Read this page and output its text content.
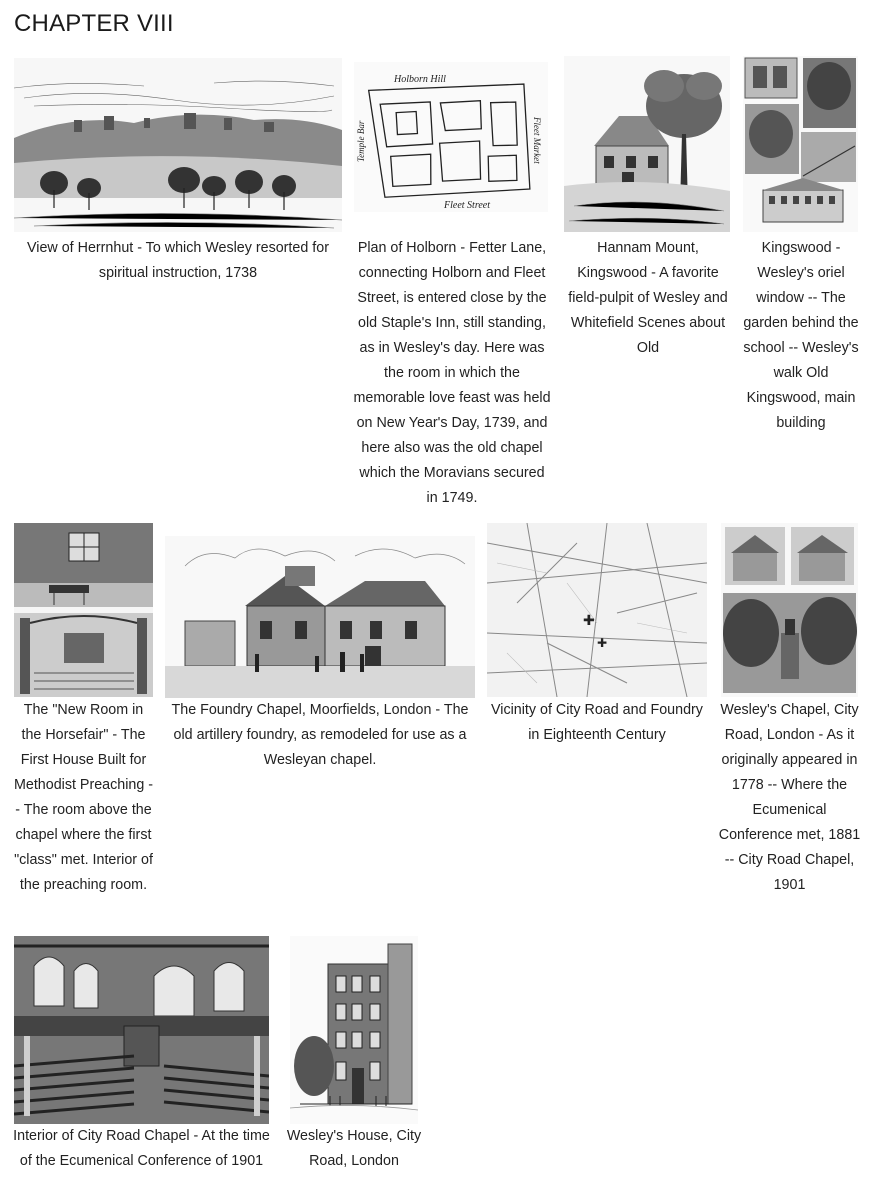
CHAPTER VIII

View of Herrnhut - To which Wesley resorted for spiritual instruction, 1738

Holborn Hill
Fleet Market
Fleet Street
Temple Bar

Plan of Holborn - Fetter Lane, connecting Holborn and Fleet Street, is entered close by the old Staple's Inn, still standing, as in Wesley's day. Here was the room in which the memorable love feast was held on New Year's Day, 1739, and here also was the old chapel which the Moravians secured in 1749.

Hannam Mount, Kingswood - A favorite field-pulpit of Wesley and Whitefield Scenes about Old

Kingswood - Wesley's oriel window -- The garden behind the school -- Wesley's walk Old Kingswood, main building

The "New Room in the Horsefair" - The First House Built for Methodist Preaching -- The room above the chapel where the first "class" met. Interior of the preaching room.

The Foundry Chapel, Moorfields, London - The old artillery foundry, as remodeled for use as a Wesleyan chapel.

✚
✚

Vicinity of City Road and Foundry in Eighteenth Century

Wesley's Chapel, City Road, London - As it originally appeared in 1778 -- Where the Ecumenical Conference met, 1881 -- City Road Chapel, 1901

Interior of City Road Chapel - At the time of the Ecumenical Conference of 1901

Wesley's House, City Road, London
